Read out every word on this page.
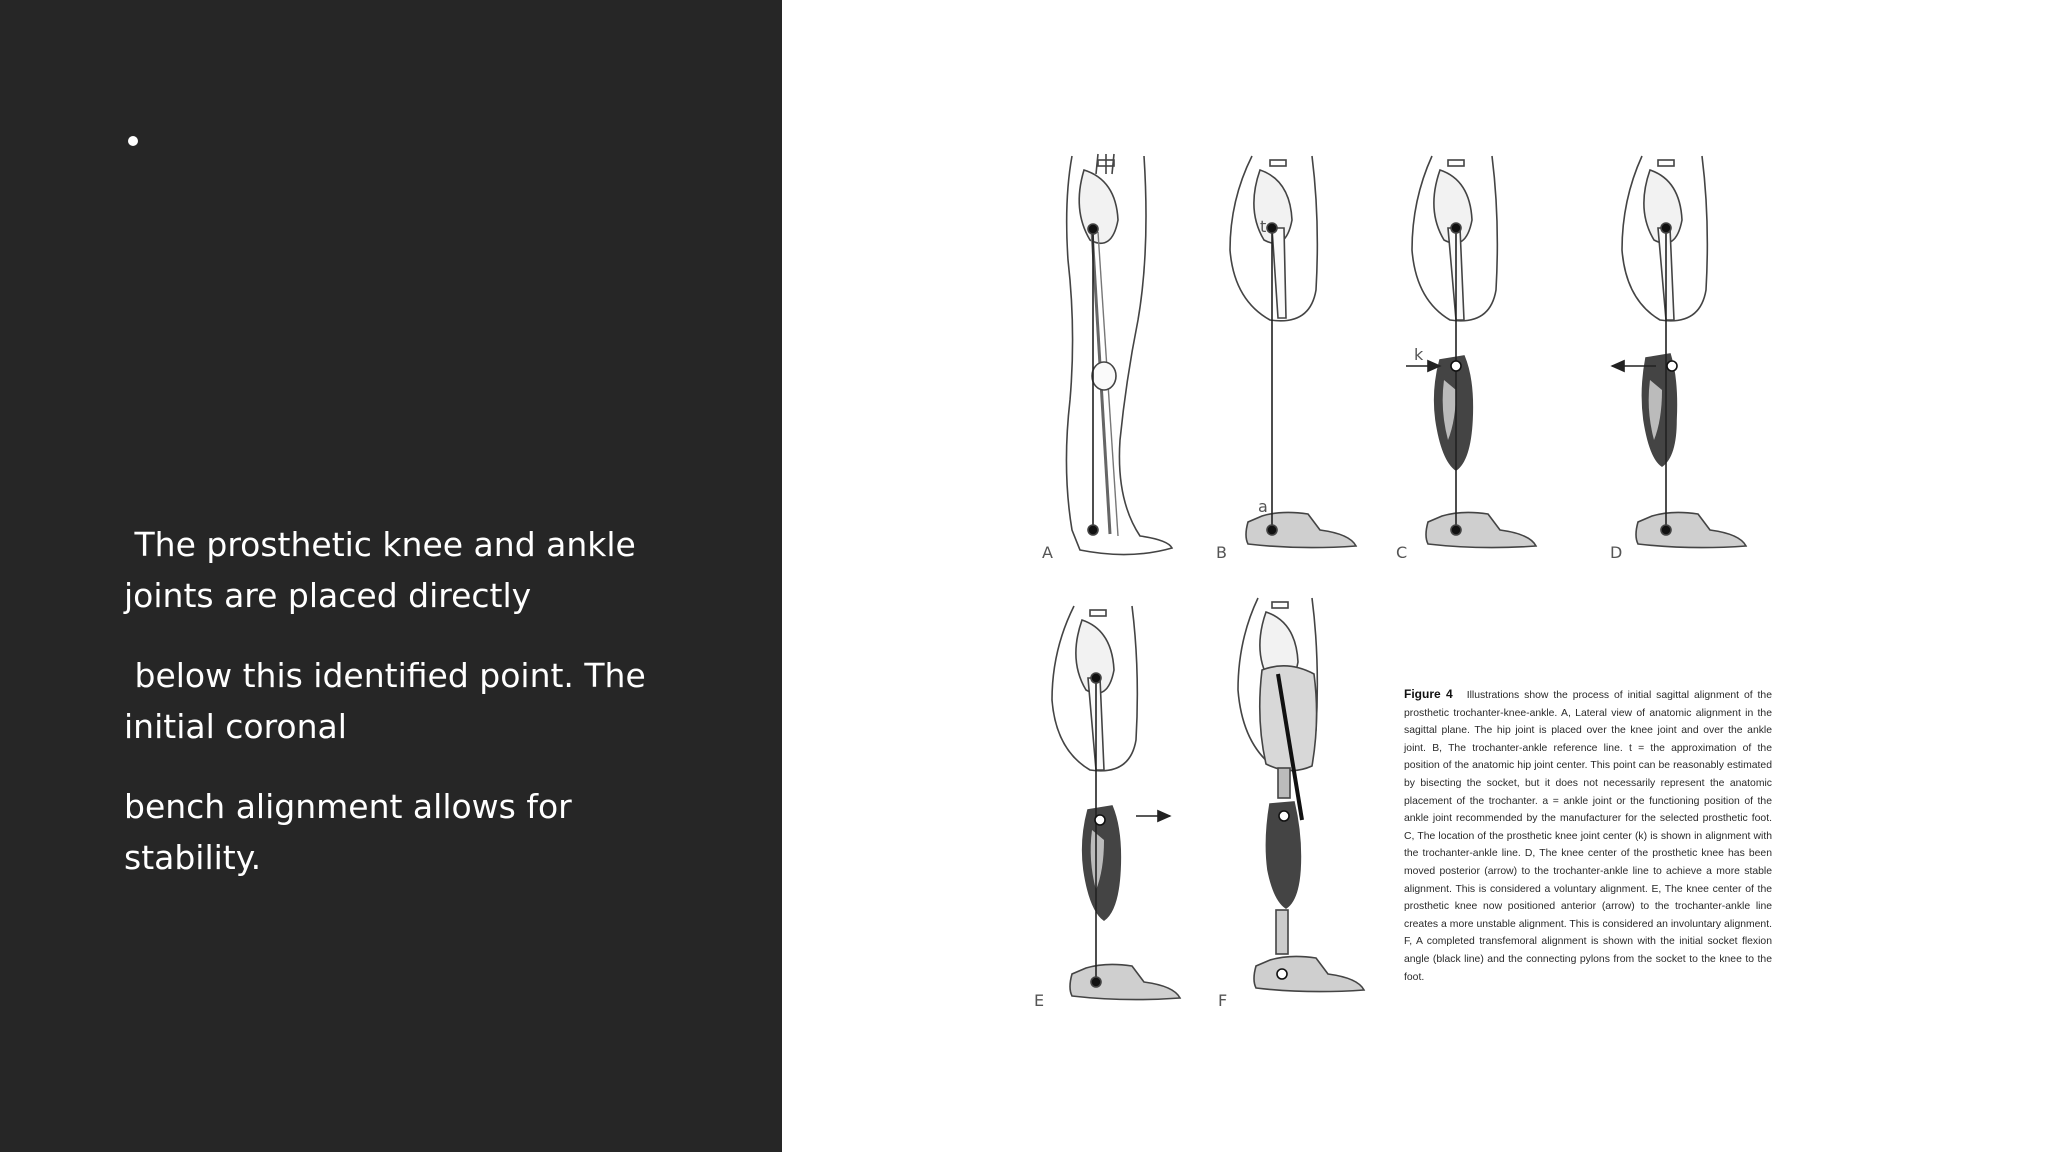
The prosthetic knee and ankle joints are placed directly

below this identified point. The initial coronal

bench alignment allows for stability.

A
t
a
B
k
C	D
E	F
Figure 4 Illustrations show the process of initial sagittal alignment of the prosthetic trochanter-knee-ankle. A, Lateral view of anatomic alignment in the sagittal plane. The hip joint is placed over the knee joint and over the ankle joint. B, The trochanter-ankle reference line. t = the approximation of the position of the anatomic hip joint center. This point can be reasonably estimated by bisecting the socket, but it does not necessarily represent the anatomic placement of the trochanter. a = ankle joint or the functioning position of the ankle joint recommended by the manufacturer for the selected prosthetic foot. C, The location of the prosthetic knee joint center (k) is shown in alignment with the trochanter-ankle line. D, The knee center of the prosthetic knee has been moved posterior (arrow) to the trochanter-ankle line to achieve a more stable alignment. This is considered a voluntary alignment. E, The knee center of the prosthetic knee now positioned anterior (arrow) to the trochanter-ankle line creates a more unstable alignment. This is considered an involuntary alignment. F, A completed transfemoral alignment is shown with the initial socket flexion angle (black line) and the connecting pylons from the socket to the knee to the foot.
